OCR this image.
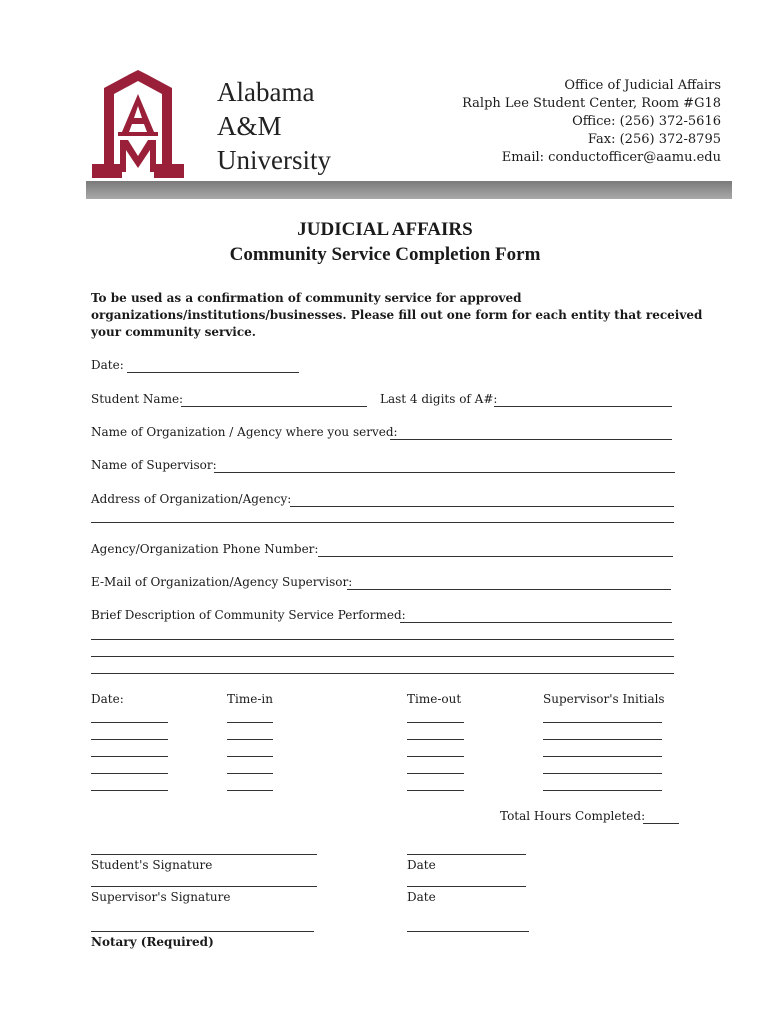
Alabama
A&M
University
Office of Judicial Affairs
Ralph Lee Student Center, Room #G18
Office: (256) 372-5616
Fax: (256) 372-8795
Email: conductofficer@aamu.edu
JUDICIAL AFFAIRS
Community Service Completion Form
To be used as a confirmation of community service for approved
organizations/institutions/businesses. Please fill out one form for each entity that received
your community service.
Date:
Student Name:	Last 4 digits of A#:
Name of Organization / Agency where you served:
Name of Supervisor:
Address of Organization/Agency:
Agency/Organization Phone Number:
E-Mail of Organization/Agency Supervisor:
Brief Description of Community Service Performed:
Date:	Time-in	Time-out	Supervisor's Initials
Total Hours Completed:
Student's Signature	Date
Supervisor's Signature	Date
Notary (Required)
